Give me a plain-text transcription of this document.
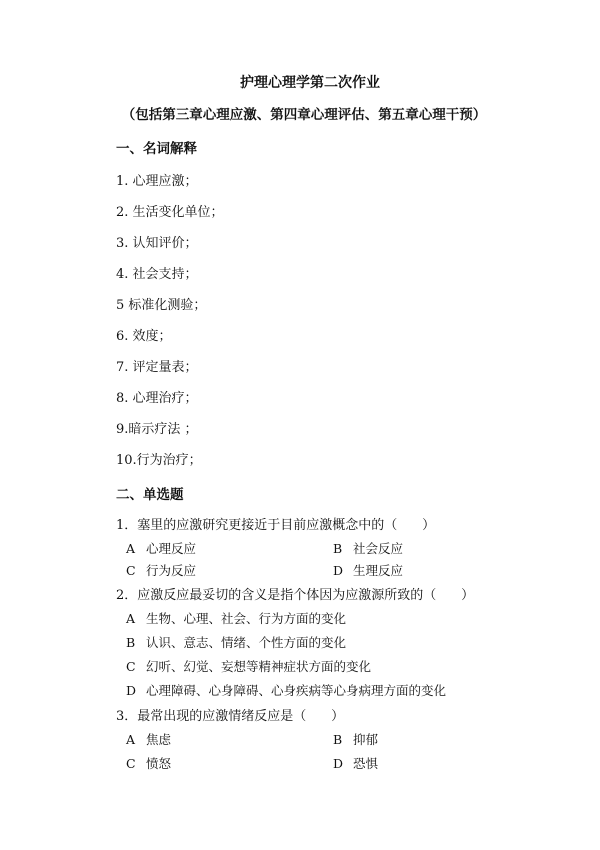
护理心理学第二次作业
（包括第三章心理应激、第四章心理评估、第五章心理干预）
一、名词解释
1. 心理应激；
2. 生活变化单位；
3. 认知评价；
4. 社会支持；
5 标准化测验；
6. 效度；
7. 评定量表；
8. 心理治疗；
9.暗示疗法 ；
10.行为治疗；
二、单选题
1．塞里的应激研究更接近于目前应激概念中的（      ）
A 心理反应	B 社会反应
C 行为反应	D 生理反应
2．应激反应最妥切的含义是指个体因为应激源所致的（      ）
A 生物、心理、社会、行为方面的变化
B 认识、意志、情绪、个性方面的变化
C 幻听、幻觉、妄想等精神症状方面的变化
D 心理障碍、心身障碍、心身疾病等心身病理方面的变化
3．最常出现的应激情绪反应是（      ）
A 焦虑	B 抑郁
C 愤怒	D 恐惧
